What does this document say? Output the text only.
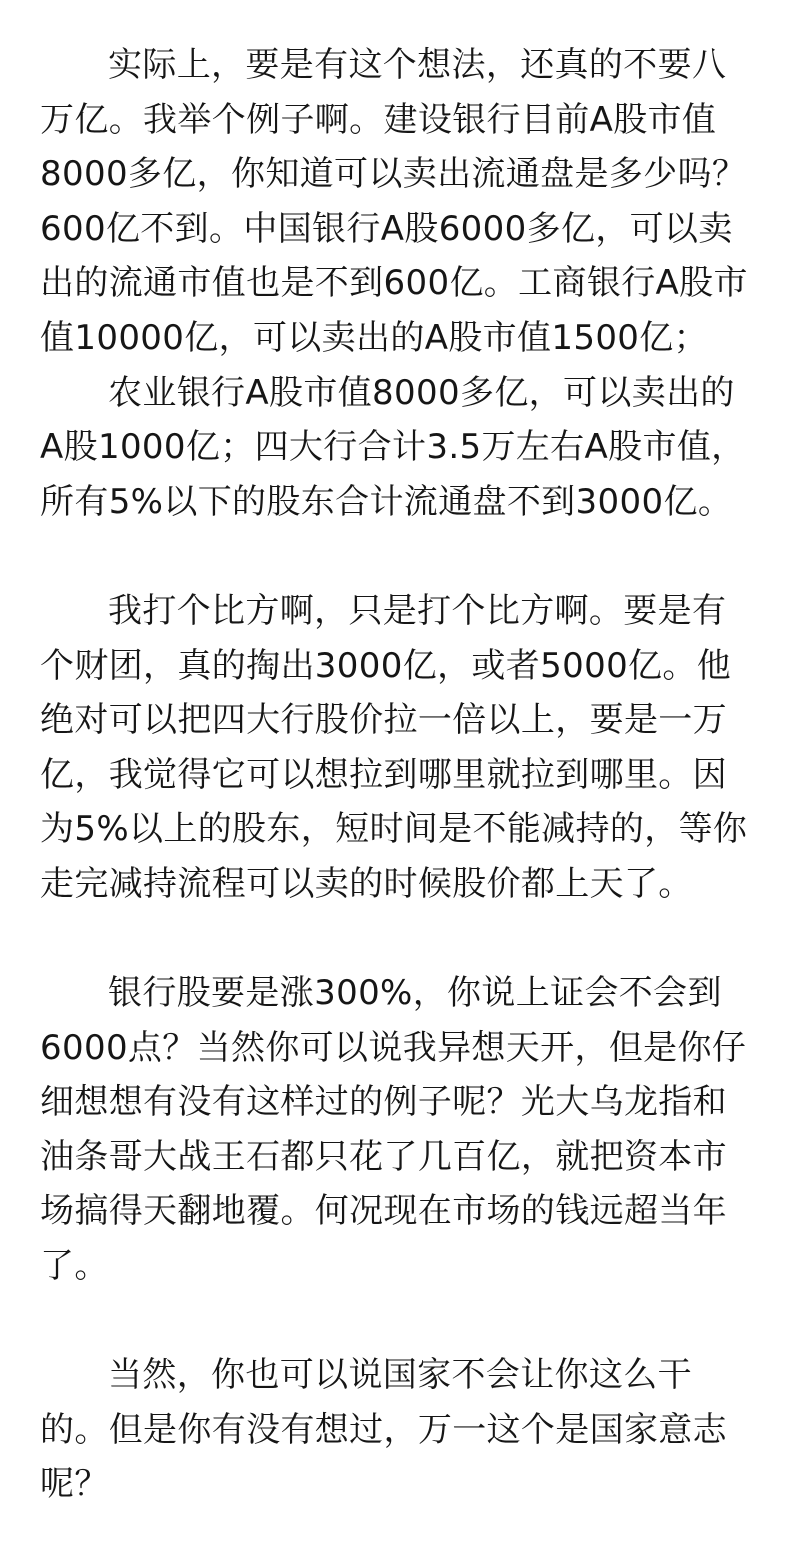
实际上，要是有这个想法，还真的不要八
万亿。我举个例子啊。建设银行目前A股市值
8000多亿，你知道可以卖出流通盘是多少吗？
600亿不到。中国银行A股6000多亿，可以卖
出的流通市值也是不到600亿。工商银行A股市
值10000亿，可以卖出的A股市值1500亿；
农业银行A股市值8000多亿，可以卖出的
A股1000亿；四大行合计3.5万左右A股市值，
所有5%以下的股东合计流通盘不到3000亿。
我打个比方啊，只是打个比方啊。要是有
个财团，真的掏出3000亿，或者5000亿。他
绝对可以把四大行股价拉一倍以上，要是一万
亿，我觉得它可以想拉到哪里就拉到哪里。因
为5%以上的股东，短时间是不能减持的，等你
走完减持流程可以卖的时候股价都上天了。
银行股要是涨300%，你说上证会不会到
6000点？当然你可以说我异想天开，但是你仔
细想想有没有这样过的例子呢？光大乌龙指和
油条哥大战王石都只花了几百亿，就把资本市
场搞得天翻地覆。何况现在市场的钱远超当年
了。
当然，你也可以说国家不会让你这么干
的。但是你有没有想过，万一这个是国家意志
呢？
